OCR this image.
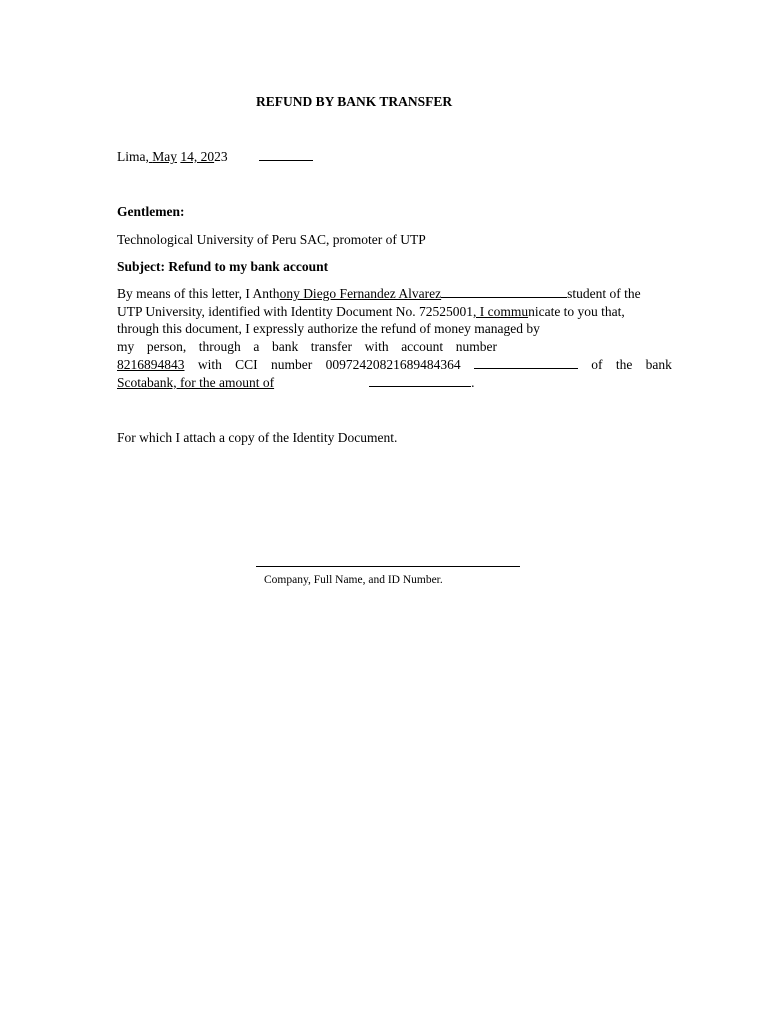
REFUND BY BANK TRANSFER
Lima, May 14, 2023
Gentlemen:
Technological University of Peru SAC, promoter of UTP
Subject: Refund to my bank account
By means of this letter, I Anthony Diego Fernandez Alvarez	student of the
UTP University, identified with Identity Document No. 72525001, I communicate to you that,
through this document, I expressly authorize the refund of money managed by
my person, through a bank transfer with account number
8216894843 with CCI number 00972420821689484364	of the bank
Scotabank, for the amount of	.
For which I attach a copy of the Identity Document.
Company, Full Name, and ID Number.
